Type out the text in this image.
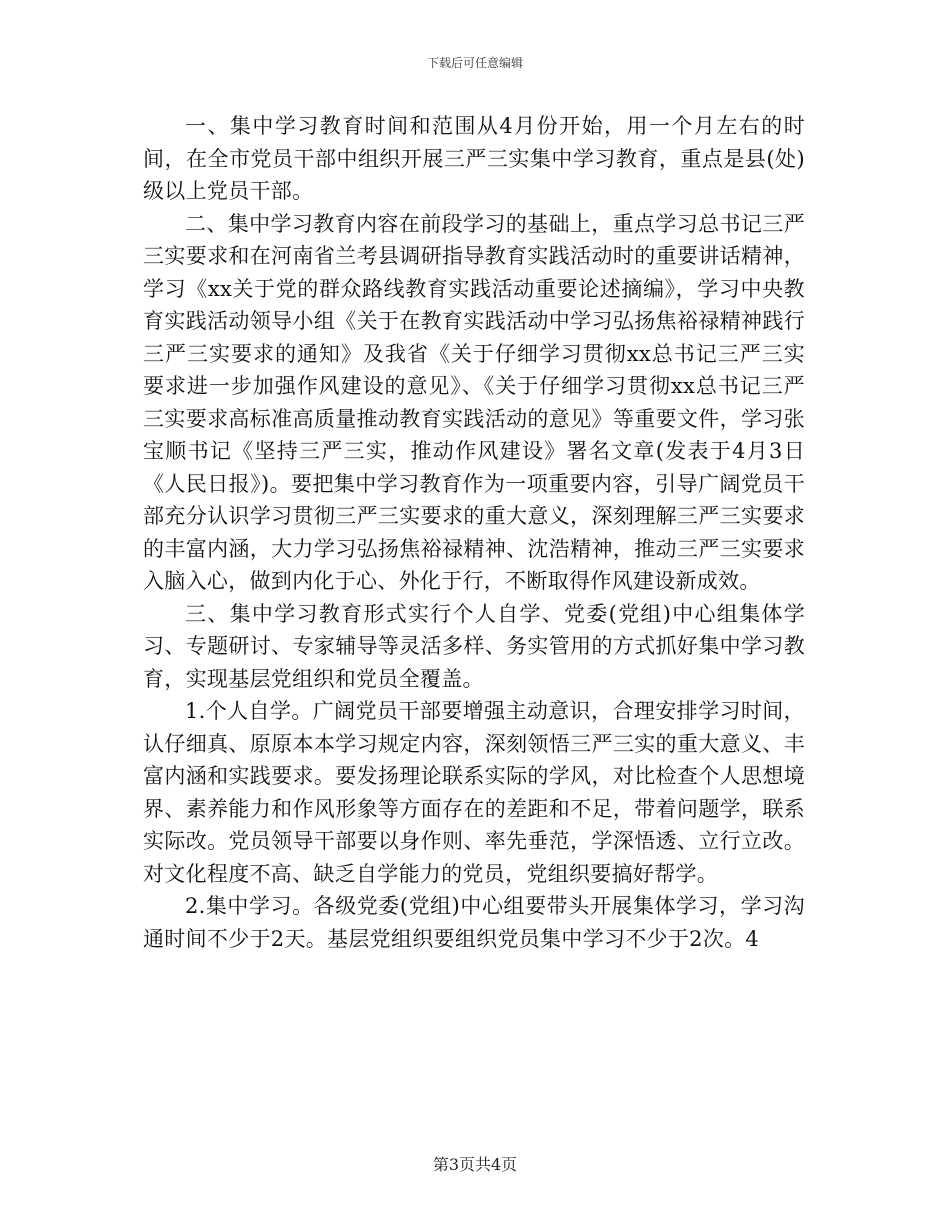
下载后可任意编辑

一、集中学习教育时间和范围从4月份开始，用一个月左右的时间，在全市党员干部中组织开展三严三实集中学习教育，重点是县(处)级以上党员干部。

二、集中学习教育内容在前段学习的基础上，重点学习总书记三严三实要求和在河南省兰考县调研指导教育实践活动时的重要讲话精神，学习《xx关于党的群众路线教育实践活动重要论述摘编》，学习中央教育实践活动领导小组《关于在教育实践活动中学习弘扬焦裕禄精神践行三严三实要求的通知》及我省《关于仔细学习贯彻xx总书记三严三实要求进一步加强作风建设的意见》、《关于仔细学习贯彻xx总书记三严三实要求高标准高质量推动教育实践活动的意见》等重要文件，学习张宝顺书记《坚持三严三实，推动作风建设》署名文章(发表于4月3日《人民日报》)。要把集中学习教育作为一项重要内容，引导广阔党员干部充分认识学习贯彻三严三实要求的重大意义，深刻理解三严三实要求的丰富内涵，大力学习弘扬焦裕禄精神、沈浩精神，推动三严三实要求入脑入心，做到内化于心、外化于行，不断取得作风建设新成效。

三、集中学习教育形式实行个人自学、党委(党组)中心组集体学习、专题研讨、专家辅导等灵活多样、务实管用的方式抓好集中学习教育，实现基层党组织和党员全覆盖。

1.个人自学。广阔党员干部要增强主动意识，合理安排学习时间，认仔细真、原原本本学习规定内容，深刻领悟三严三实的重大意义、丰富内涵和实践要求。要发扬理论联系实际的学风，对比检查个人思想境界、素养能力和作风形象等方面存在的差距和不足，带着问题学，联系实际改。党员领导干部要以身作则、率先垂范，学深悟透、立行立改。对文化程度不高、缺乏自学能力的党员，党组织要搞好帮学。

2.集中学习。各级党委(党组)中心组要带头开展集体学习，学习沟通时间不少于2天。基层党组织要组织党员集中学习不少于2次。4

第3页共4页
